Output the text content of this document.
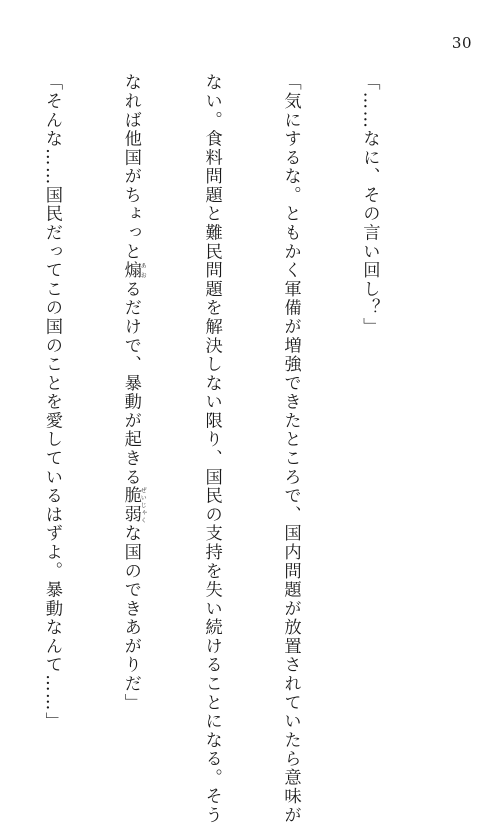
30

「……なに、その言い回し？」

「気にするな。ともかく軍備が増強できたところで、国内問題が放置されていたら意味が

ない。食料問題と難民問題を解決しない限り、国民の支持を失い続けることになる。そう

なれば他国がちょっと煽あおるだけで、暴動が起きる脆弱ぜいじゃくな国のできあがりだ」

「そんな……国民だってこの国のことを愛しているはずよ。暴動なんて……」
